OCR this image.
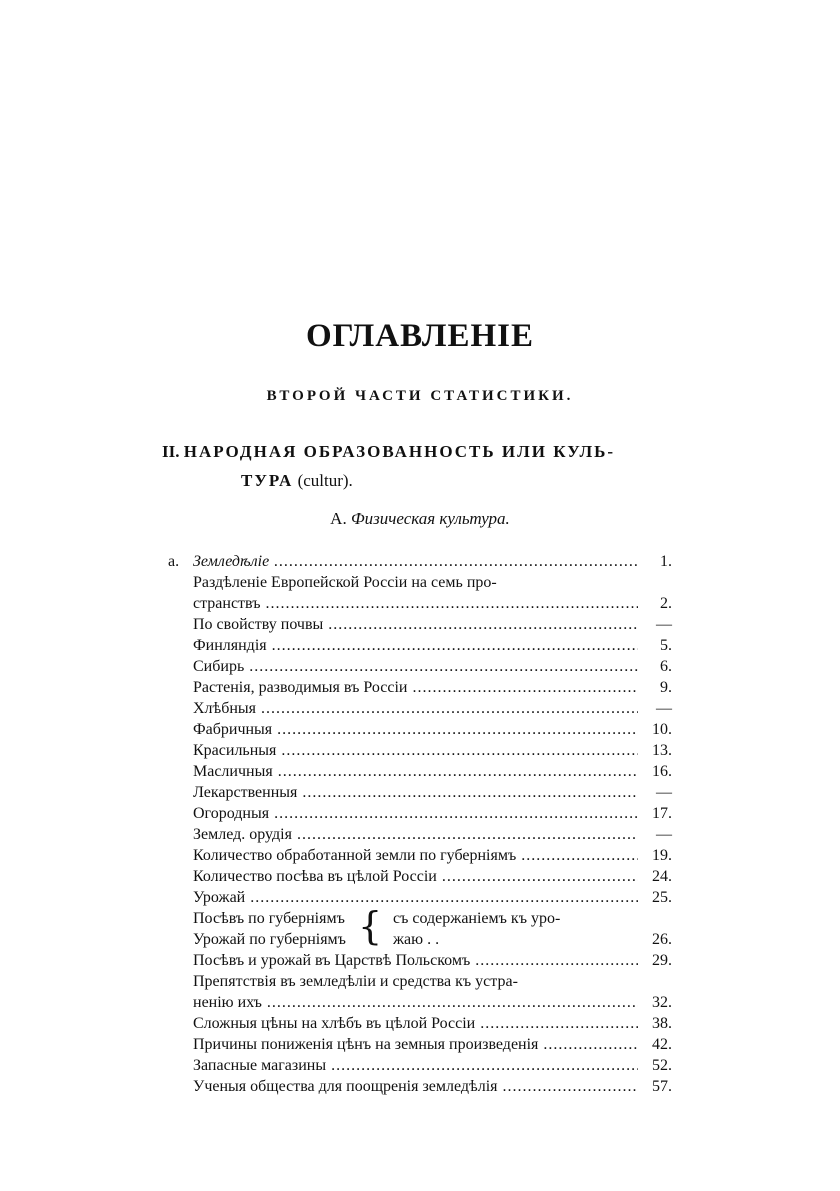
ОГЛАВЛЕНІЕ
ВТОРОЙ ЧАСТИ СТАТИСТИКИ.
II. НАРОДНАЯ ОБРАЗОВАННОСТЬ ИЛИ КУЛЬ-
ТУРА (cultur).
А. Физическая культура.
а. Земледѣліе .....	1.
Раздѣленіе Европейской Россіи на семь про-
странствъ .....	2.
По свойству почвы .....	—
Финляндія .....	5.
Сибирь .....	6.
Растенія, разводимыя въ Россіи .....	9.
Хлѣбныя .....	—
Фабричныя .....	10.
Красильныя .....	13.
Масличныя .....	16.
Лекарственныя .....	—
Огородныя .....	17.
Землед. орудія .....	—
Количество обработанной земли по губерніямъ .....	19.
Количество посѣва въ цѣлой Россіи .....	24.
Урожай .....	25.
Посѣвъ по губерніямъ	съ содержаніемъ къ уро-
{
Урожай по губерніямъ	жаю . .	26.
Посѣвъ и урожай въ Царствѣ Польскомъ .....	29.
Препятствія въ земледѣліи и средства къ устра-
ненію ихъ .....	32.
Сложныя цѣны на хлѣбъ въ цѣлой Россіи .....	38.
Причины пониженія цѣнъ на земныя произведенія .....	42.
Запасные магазины .....	52.
Ученыя общества для поощренія земледѣлія .....	57.
